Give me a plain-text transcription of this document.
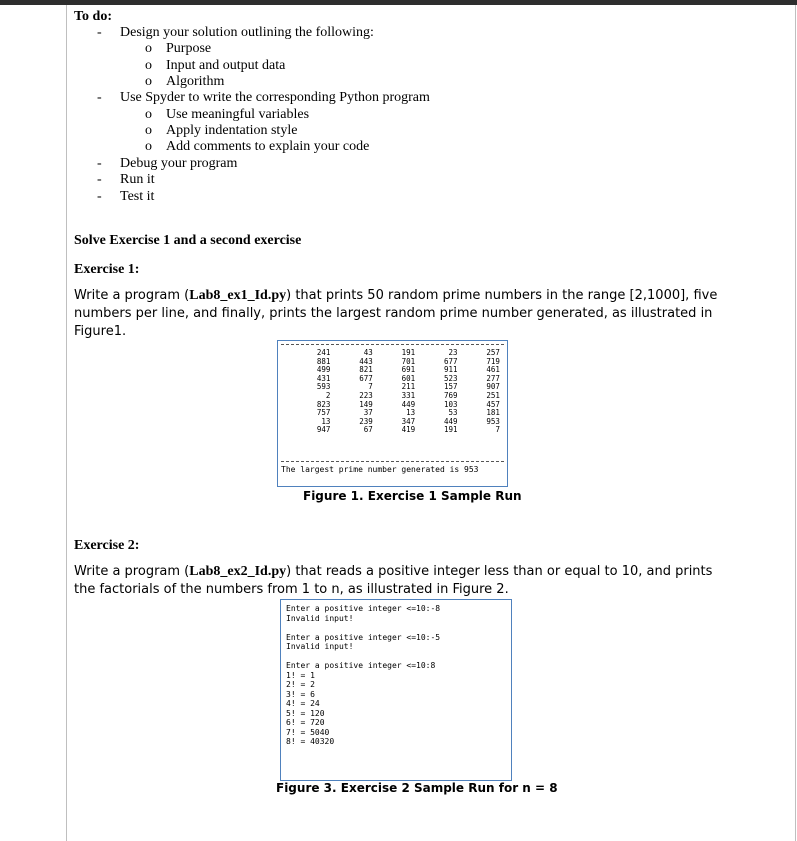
To do:
- Design your solution outlining the following:
o Purpose
o Input and output data
o Algorithm
- Use Spyder to write the corresponding Python program
o Use meaningful variables
o Apply indentation style
o Add comments to explain your code
- Debug your program
- Run it
- Test it
Solve Exercise 1 and a second exercise
Exercise 1:
Write a program (Lab8_ex1_Id.py) that prints 50 random prime numbers in the range [2,1000], five numbers per line, and finally, prints the largest random prime number generated, as illustrated in Figure1.
241	43	191	23	257
881	443	701	677	719
499	821	691	911	461
431	677	601	523	277
593	7	211	157	907
2	223	331	769	251
823	149	449	103	457
757	37	13	53	181
13	239	347	449	953
947	67	419	191	7
The largest prime number generated is 953
Figure 1. Exercise 1 Sample Run
Exercise 2:
Write a program (Lab8_ex2_Id.py) that reads a positive integer less than or equal to 10, and prints the factorials of the numbers from 1 to n, as illustrated in Figure 2.
Enter a positive integer <=10:-8
Invalid input!
Enter a positive integer <=10:-5
Invalid input!
Enter a positive integer <=10:8
1! = 1
2! = 2
3! = 6
4! = 24
5! = 120
6! = 720
7! = 5040
8! = 40320
Figure 3. Exercise 2 Sample Run for n = 8
